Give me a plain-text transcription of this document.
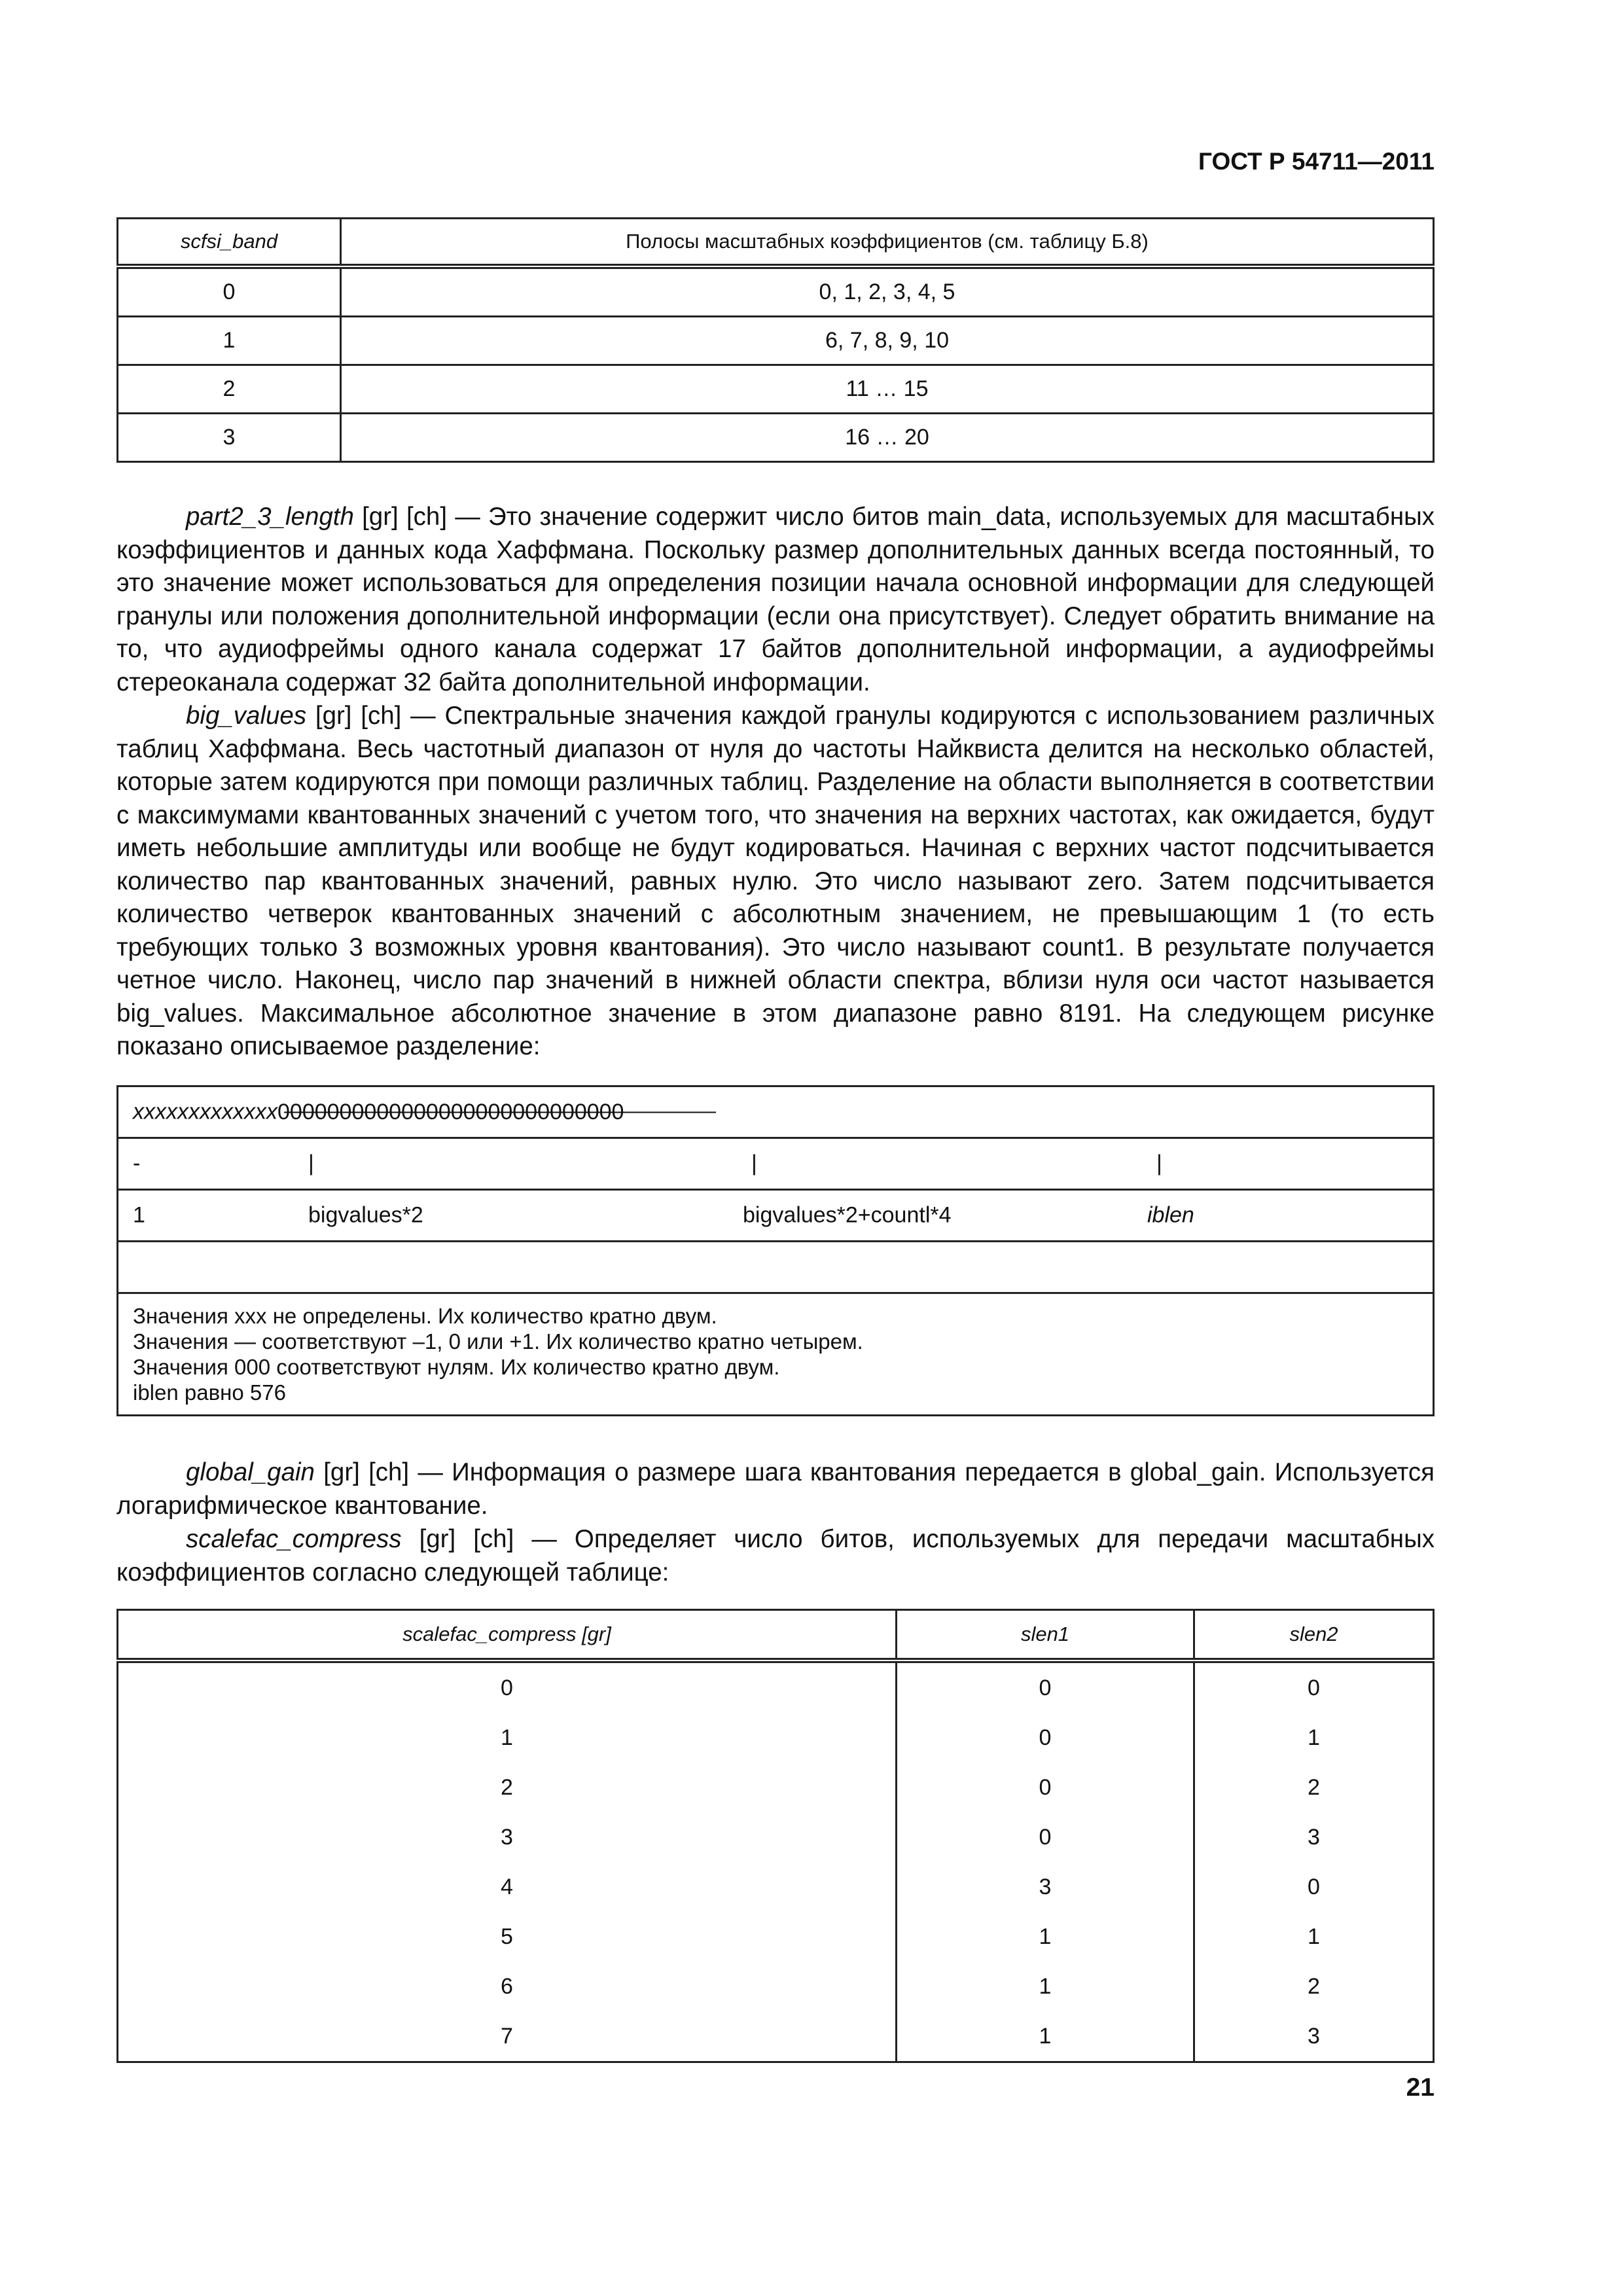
ГОСТ Р 54711—2011
scfsi_band	Полосы масштабных коэффициентов (см. таблицу Б.8)
0	0, 1, 2, 3, 4, 5
1	6, 7, 8, 9, 10
2	11 … 15
3	16 … 20

part2_3_length [gr] [ch] — Это значение содержит число битов main_data, используемых для масштабных коэффициентов и данных кода Хаффмана. Поскольку размер дополнительных данных всегда постоянный, то это значение может использоваться для определения позиции начала основной информации для следующей гранулы или положения дополнительной информации (если она присутствует). Следует обратить внимание на то, что аудиофреймы одного канала содержат 17 байтов дополнительной информации, а аудиофреймы стереоканала содержат 32 байта дополнительной информации.

big_values [gr] [ch] — Спектральные значения каждой гранулы кодируются с использованием различных таблиц Хаффмана. Весь частотный диапазон от нуля до частоты Найквиста делится на несколько областей, которые затем кодируются при помощи различных таблиц. Разделение на области выполняется в соответствии с максимумами квантованных значений с учетом того, что значения на верхних частотах, как ожидается, будут иметь небольшие амплитуды или вообще не будут кодироваться. Начиная с верхних частот подсчитывается количество пар квантованных значений, равных нулю. Это число называют zero. Затем подсчитывается количество четверок квантованных значений с абсолютным значением, не превышающим 1 (то есть требующих только 3 возможных уровня квантования). Это число называют count1. В результате получается четное число. Наконец, число пар значений в нижней области спектра, вблизи нуля оси частот называется big_values. Максимальное абсолютное значение в этом диапазоне равно 8191. На следующем рисунке показано описываемое разделение:

xxxxxxxxxxxxx 0000000000000000000000000000

-	|	|	|

1	bigvalues*2	bigvalues*2+countl*4	iblen

Значения xxx не определены. Их количество кратно двум.
Значения — соответствуют –1, 0 или +1. Их количество кратно четырем.
Значения 000 соответствуют нулям. Их количество кратно двум.
iblen равно 576

global_gain [gr] [ch] — Информация о размере шага квантования передается в global_gain. Используется логарифмическое квантование.

scalefac_compress [gr] [ch] — Определяет число битов, используемых для передачи масштабных коэффициентов согласно следующей таблице:

scalefac_compress [gr]	slen1	slen2
0	0	0
1	0	1
2	0	2
3	0	3
4	3	0
5	1	1
6	1	2
7	1	3
21
